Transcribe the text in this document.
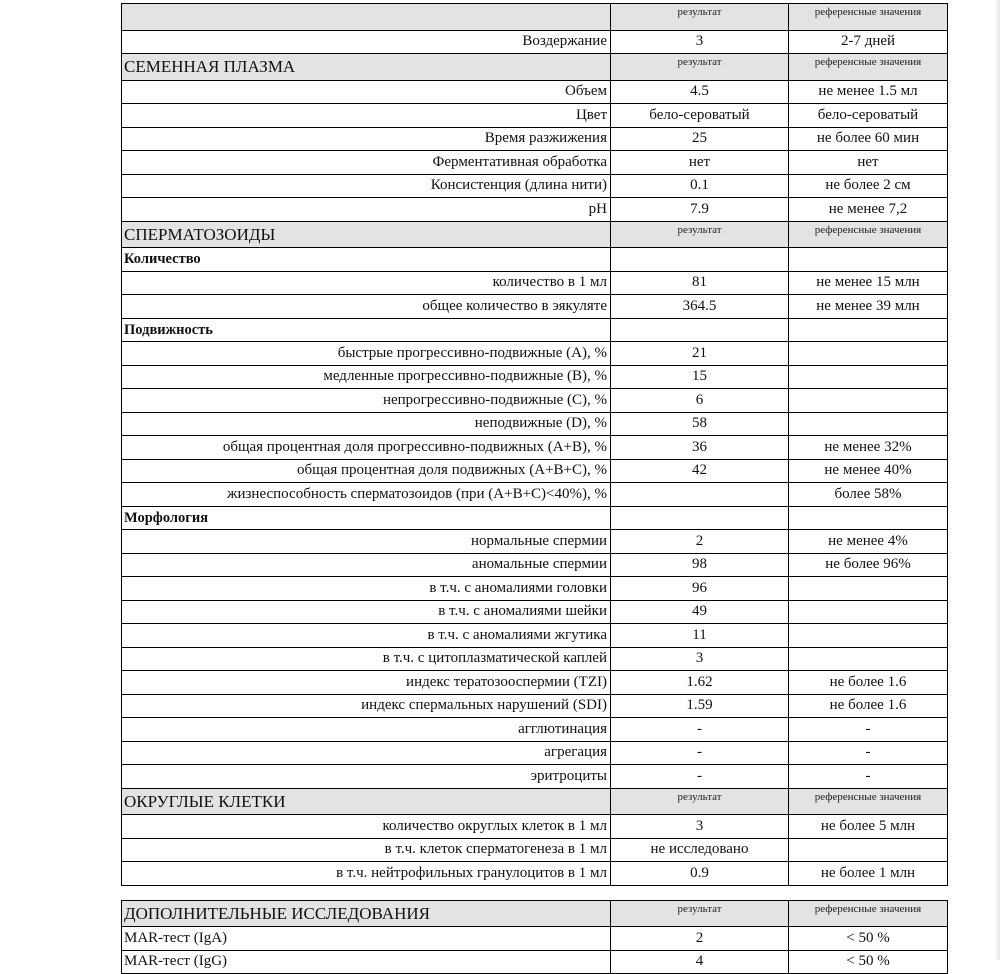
	результат	референсные значения
Воздержание	3	2-7 дней
СЕМЕННАЯ ПЛАЗМА	результат	референсные значения
Объем	4.5	не менее 1.5 мл
Цвет	бело-сероватый	бело-сероватый
Время разжижения	25	не более 60 мин
Ферментативная обработка	нет	нет
Консистенция (длина нити)	0.1	не более 2 см
pH	7.9	не менее 7,2
СПЕРМАТОЗОИДЫ	результат	референсные значения
Количество		
количество в 1 мл	81	не менее 15 млн
общее количество в эякуляте	364.5	не менее 39 млн
Подвижность		
быстрые прогрессивно-подвижные (А), %	21	
медленные прогрессивно-подвижные (B), %	15	
непрогрессивно-подвижные (C), %	6	
неподвижные (D), %	58	
общая процентная доля прогрессивно-подвижных (А+В), %	36	не менее 32%
общая процентная доля подвижных (А+В+С), %	42	не менее 40%
жизнеспособность сперматозоидов (при (А+В+С)<40%), %		более 58%
Морфология		
нормальные спермии	2	не менее 4%
аномальные спермии	98	не более 96%
в т.ч. с аномалиями головки	96	
в т.ч. с аномалиями шейки	49	
в т.ч. с аномалиями жгутика	11	
в т.ч. с цитоплазматической каплей	3	
индекс тератозооспермии (TZI)	1.62	не более 1.6
индекс спермальных нарушений (SDI)	1.59	не более 1.6
агглютинация	-	-
агрегация	-	-
эритроциты	-	-
ОКРУГЛЫЕ КЛЕТКИ	результат	референсные значения
количество округлых клеток в 1 мл	3	не более 5 млн
в т.ч. клеток сперматогенеза в 1 мл	не исследовано	
в т.ч. нейтрофильных гранулоцитов в 1 мл	0.9	не более 1 млн

ДОПОЛНИТЕЛЬНЫЕ ИССЛЕДОВАНИЯ	результат	референсные значения
MAR-тест (IgA)	2	< 50 %
MAR-тест (IgG)	4	< 50 %
